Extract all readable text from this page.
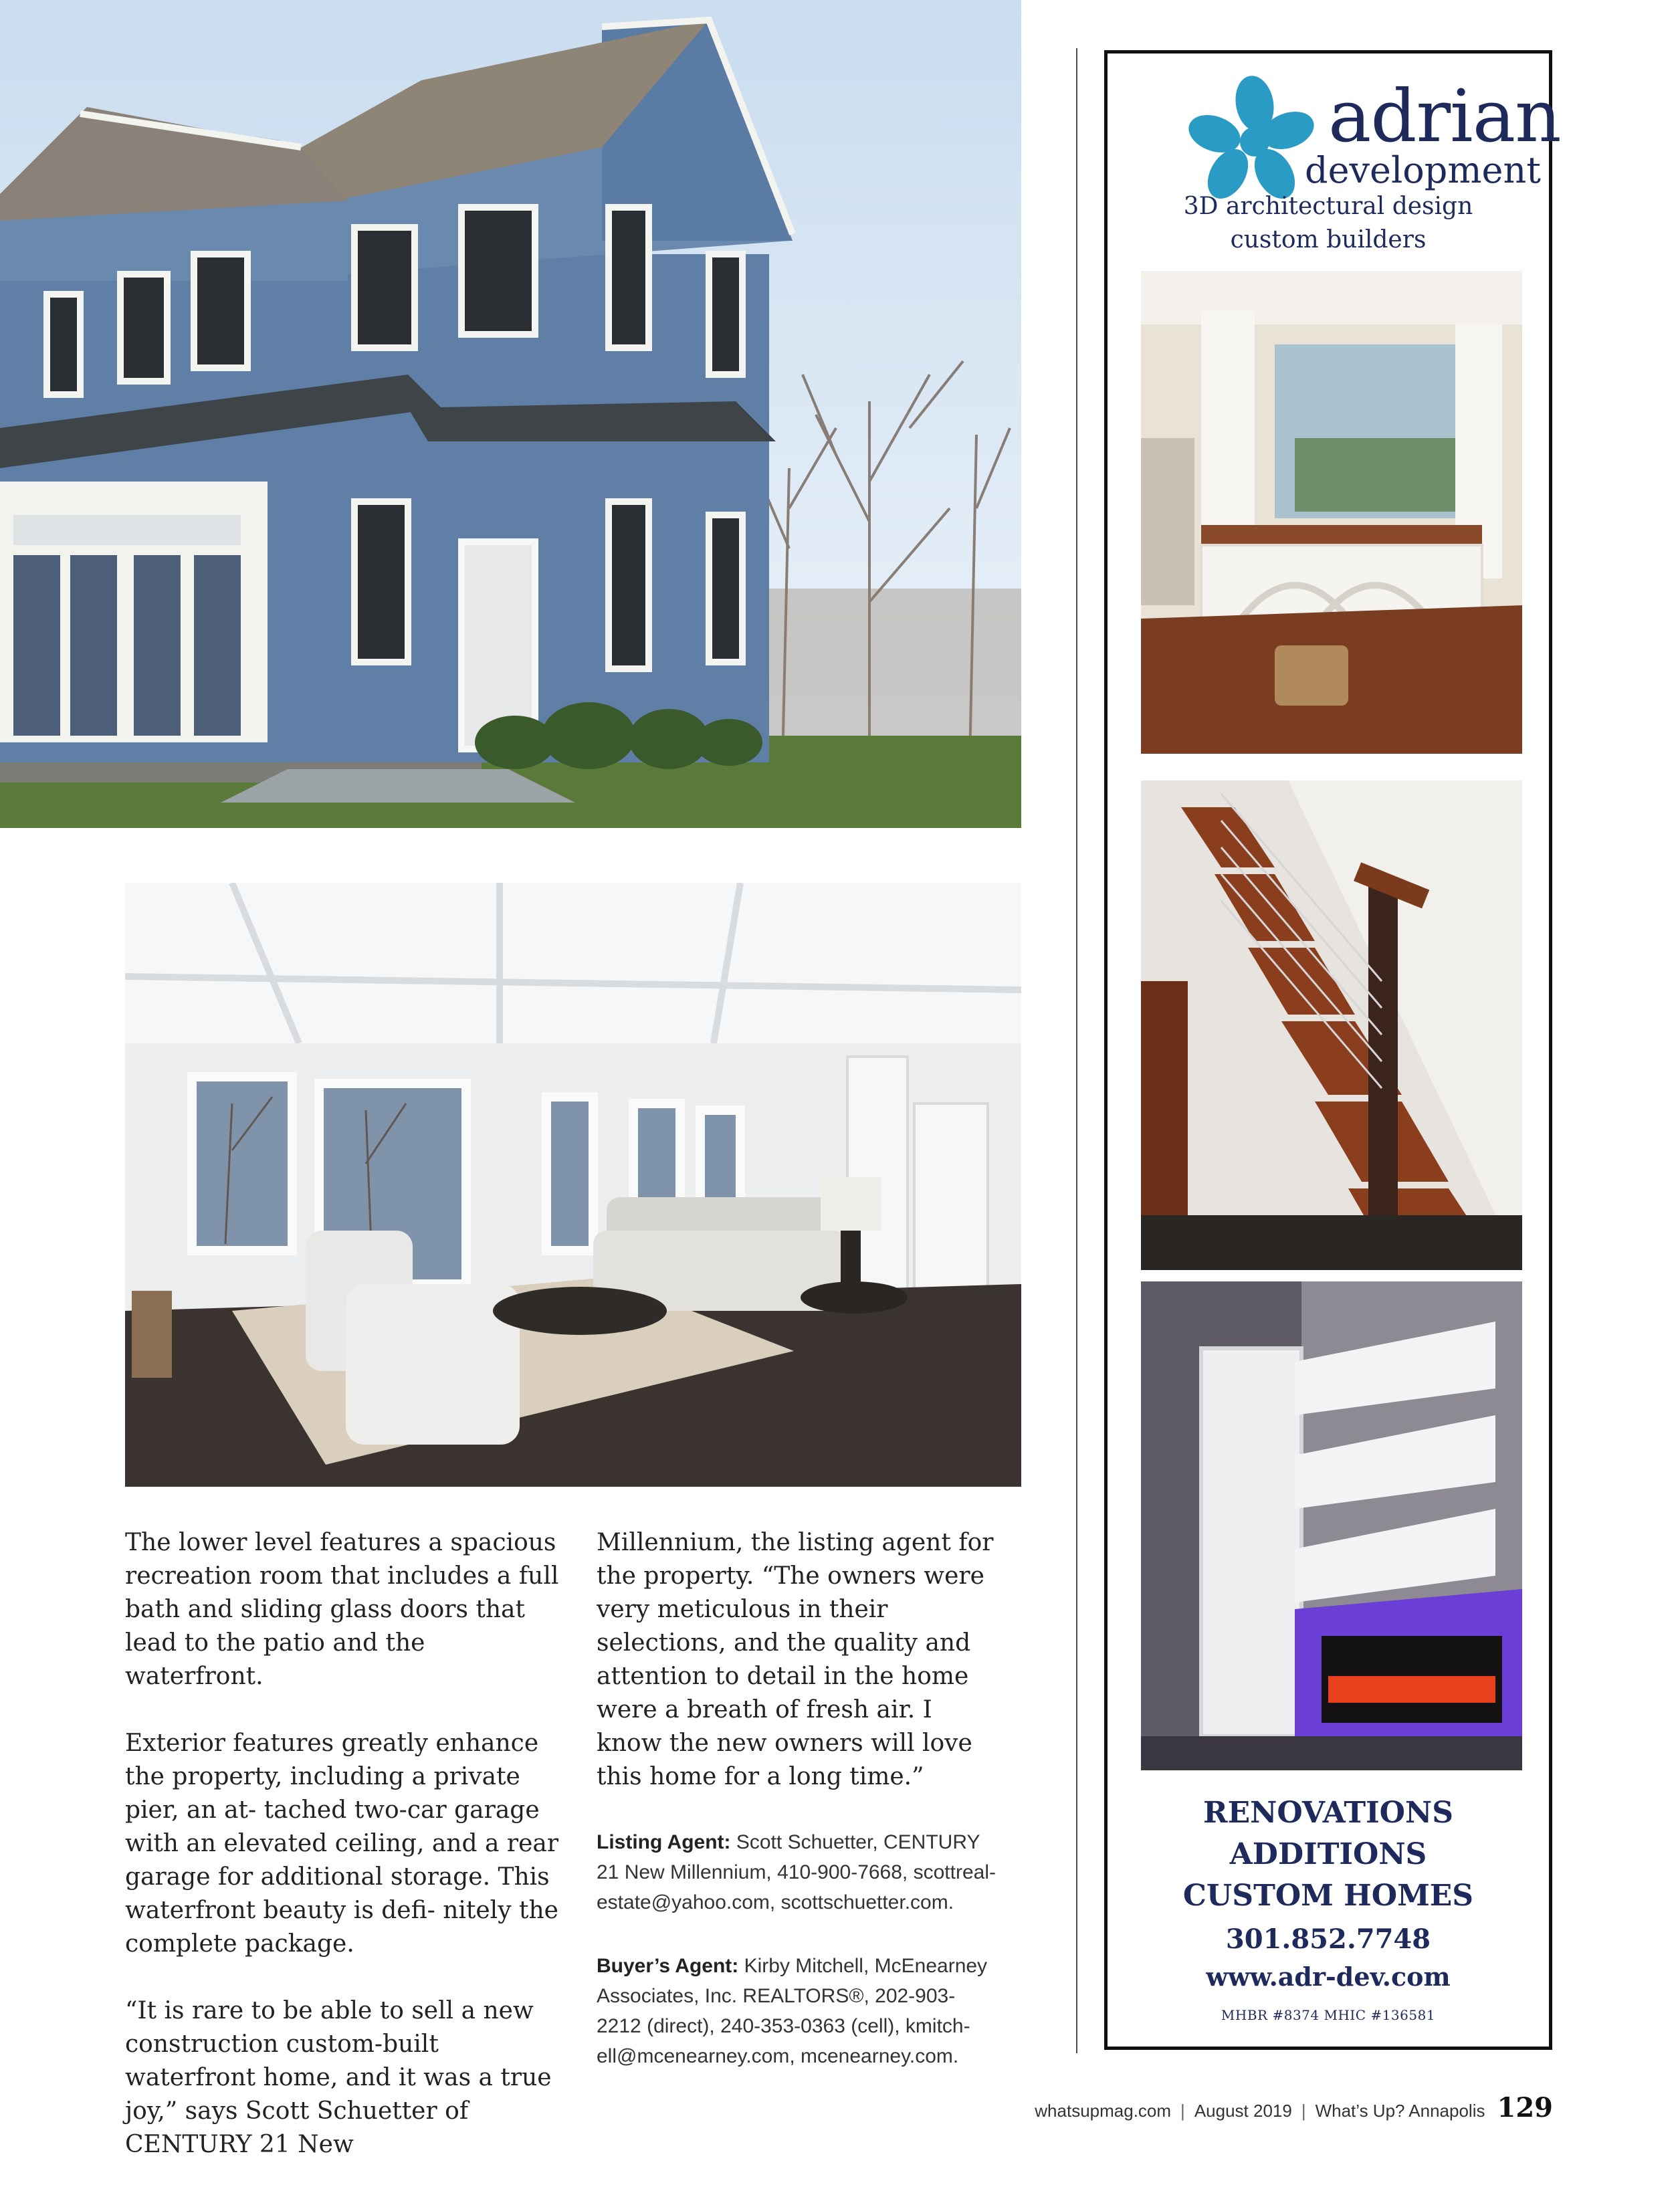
The lower level features a spacious recreation room that includes a full bath and sliding glass doors that lead to the patio and the waterfront.

Exterior features greatly enhance the property, including a private pier, an at- tached two-car garage with an elevated ceiling, and a rear garage for additional storage. This waterfront beauty is defi- nitely the complete package.

“It is rare to be able to sell a new construction custom-built waterfront home, and it was a true joy,” says Scott Schuetter of CENTURY 21 New

Millennium, the listing agent for the property. “The owners were very meticulous in their selections, and the quality and attention to detail in the home were a breath of fresh air. I know the new owners will love this home for a long time.”

Listing Agent: Scott Schuetter, CENTURY 21 New Millennium, 410-900-7668, scottreal- estate@yahoo.com, scottschuetter.com.

Buyer’s Agent: Kirby Mitchell, McEnearney Associates, Inc. REALTORS®, 202-903- 2212 (direct), 240-353-0363 (cell), kmitch- ell@mcenearney.com, mcenearney.com.

adrian
development
3D architectural design
custom builders
RENOVATIONS
ADDITIONS
CUSTOM HOMES
301.852.7748
www.adr-dev.com
MHBR #8374 MHIC #136581
whatsupmag.com | August 2019 | What’s Up? Annapolis 129
